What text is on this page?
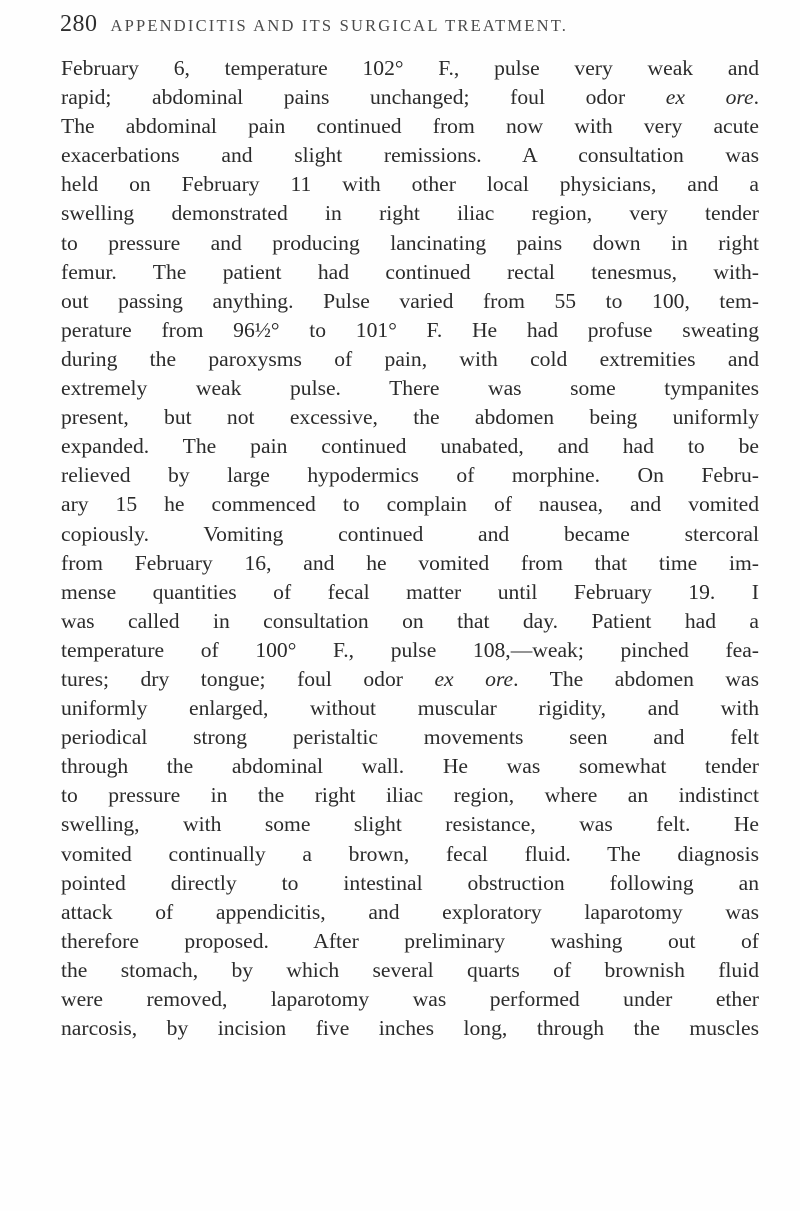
280 APPENDICITIS AND ITS SURGICAL TREATMENT.
February 6, temperature 102° F., pulse very weak and
rapid; abdominal pains unchanged; foul odor ex ore.
The abdominal pain continued from now with very acute
exacerbations and slight remissions. A consultation was
held on February 11 with other local physicians, and a
swelling demonstrated in right iliac region, very tender
to pressure and producing lancinating pains down in right
femur. The patient had continued rectal tenesmus, with-
out passing anything. Pulse varied from 55 to 100, tem-
perature from 96½° to 101° F. He had profuse sweating
during the paroxysms of pain, with cold extremities and
extremely weak pulse. There was some tympanites
present, but not excessive, the abdomen being uniformly
expanded. The pain continued unabated, and had to be
relieved by large hypodermics of morphine. On Febru-
ary 15 he commenced to complain of nausea, and vomited
copiously. Vomiting continued and became stercoral
from February 16, and he vomited from that time im-
mense quantities of fecal matter until February 19. I
was called in consultation on that day. Patient had a
temperature of 100° F., pulse 108,—weak; pinched fea-
tures; dry tongue; foul odor ex ore. The abdomen was
uniformly enlarged, without muscular rigidity, and with
periodical strong peristaltic movements seen and felt
through the abdominal wall. He was somewhat tender
to pressure in the right iliac region, where an indistinct
swelling, with some slight resistance, was felt. He
vomited continually a brown, fecal fluid. The diagnosis
pointed directly to intestinal obstruction following an
attack of appendicitis, and exploratory laparotomy was
therefore proposed. After preliminary washing out of
the stomach, by which several quarts of brownish fluid
were removed, laparotomy was performed under ether
narcosis, by incision five inches long, through the muscles
